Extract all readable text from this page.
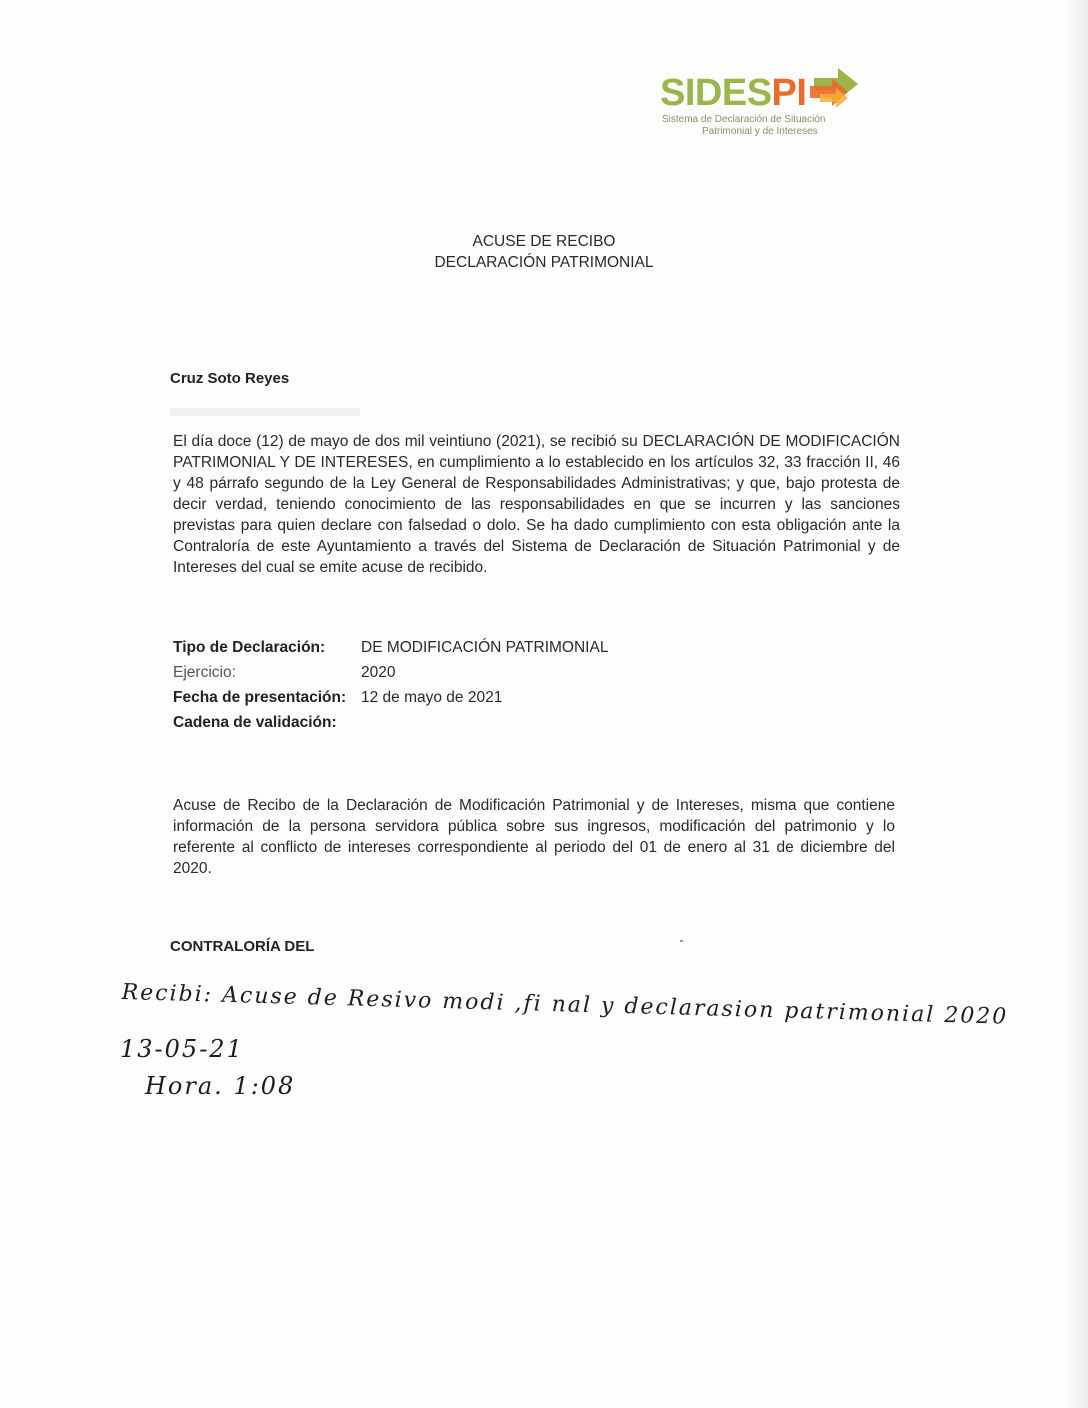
SIDESPI
Sistema de Declaración de Situación
Patrimonial y de Intereses
ACUSE DE RECIBO
DECLARACIÓN PATRIMONIAL
Cruz Soto Reyes
El día doce (12) de mayo de dos mil veintiuno (2021), se recibió su DECLARACIÓN DE MODIFICACIÓN PATRIMONIAL Y DE INTERESES, en cumplimiento a lo establecido en los artículos 32, 33 fracción II, 46 y 48 párrafo segundo de la Ley General de Responsabilidades Administrativas; y que, bajo protesta de decir verdad, teniendo conocimiento de las responsabilidades en que se incurren y las sanciones previstas para quien declare con falsedad o dolo. Se ha dado cumplimiento con esta obligación ante la Contraloría de este Ayuntamiento a través del Sistema de Declaración de Situación Patrimonial y de Intereses del cual se emite acuse de recibido.
Tipo de Declaración:	DE MODIFICACIÓN PATRIMONIAL
Ejercicio:	2020
Fecha de presentación: 12 de mayo de 2021
Cadena de validación:
Acuse de Recibo de la Declaración de Modificación Patrimonial y de Intereses, misma que contiene información de la persona servidora pública sobre sus ingresos, modificación del patrimonio y lo referente al conflicto de intereses correspondiente al periodo del 01 de enero al 31 de diciembre del 2020.
CONTRALORÍA DEL
Recibi: Acuse de Resivo modi ,fi nal y declarasion patrimonial 2020
13-05-21
Hora. 1:08
